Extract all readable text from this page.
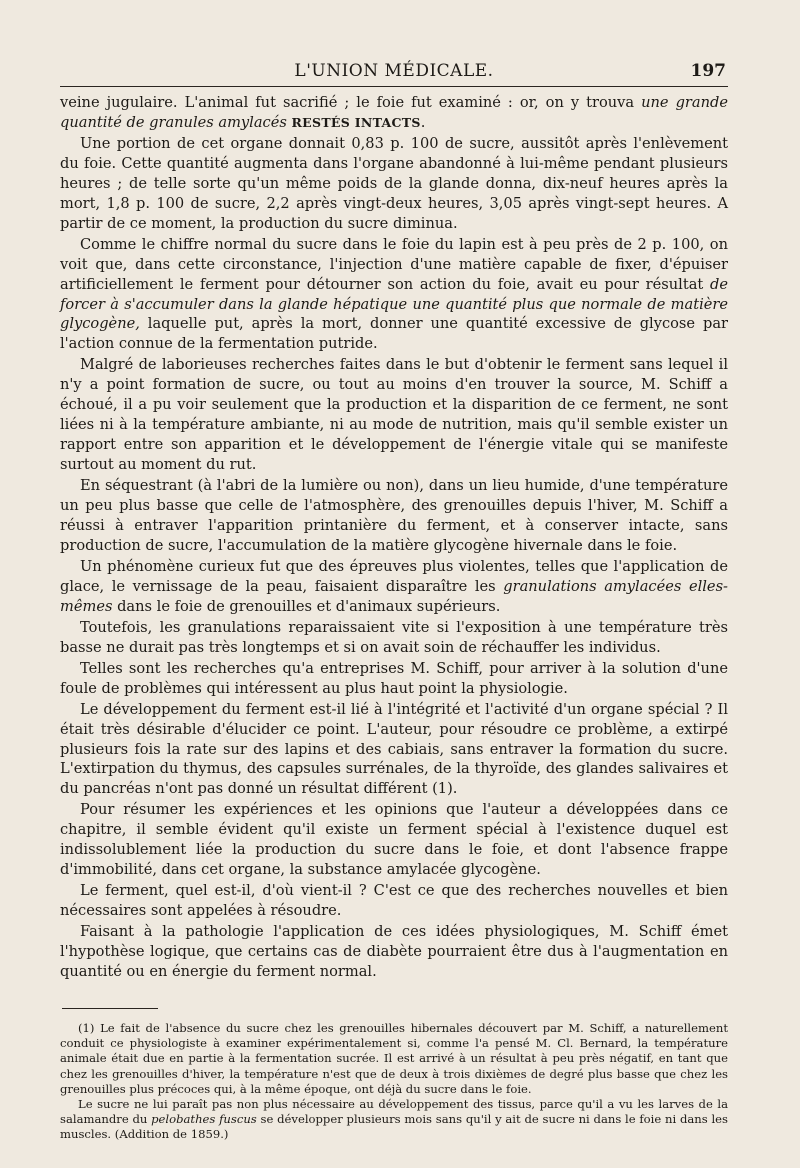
L'UNION MÉDICALE.	197

veine jugulaire. L'animal fut sacrifié ; le foie fut examiné : or, on y trouva une grande quantité de granules amylacés RESTÉS INTACTS.

Une portion de cet organe donnait 0,83 p. 100 de sucre, aussitôt après l'enlèvement du foie. Cette quantité augmenta dans l'organe abandonné à lui-même pendant plusieurs heures ; de telle sorte qu'un même poids de la glande donna, dix-neuf heures après la mort, 1,8 p. 100 de sucre, 2,2 après vingt-deux heures, 3,05 après vingt-sept heures. A partir de ce moment, la production du sucre diminua.

Comme le chiffre normal du sucre dans le foie du lapin est à peu près de 2 p. 100, on voit que, dans cette circonstance, l'injection d'une matière capable de fixer, d'épuiser artificiellement le ferment pour détourner son action du foie, avait eu pour résultat de forcer à s'accumuler dans la glande hépatique une quantité plus que normale de matière glycogène, laquelle put, après la mort, donner une quantité excessive de glycose par l'action connue de la fermentation putride.

Malgré de laborieuses recherches faites dans le but d'obtenir le ferment sans lequel il n'y a point formation de sucre, ou tout au moins d'en trouver la source, M. Schiff a échoué, il a pu voir seulement que la production et la disparition de ce ferment, ne sont liées ni à la température ambiante, ni au mode de nutrition, mais qu'il semble exister un rapport entre son apparition et le développement de l'énergie vitale qui se manifeste surtout au moment du rut.

En séquestrant (à l'abri de la lumière ou non), dans un lieu humide, d'une température un peu plus basse que celle de l'atmosphère, des grenouilles depuis l'hiver, M. Schiff a réussi à entraver l'apparition printanière du ferment, et à conserver intacte, sans production de sucre, l'accumulation de la matière glycogène hivernale dans le foie.

Un phénomène curieux fut que des épreuves plus violentes, telles que l'application de glace, le vernissage de la peau, faisaient disparaître les granulations amylacées elles-mêmes dans le foie de grenouilles et d'animaux supérieurs.

Toutefois, les granulations reparaissaient vite si l'exposition à une température très basse ne durait pas très longtemps et si on avait soin de réchauffer les individus.

Telles sont les recherches qu'a entreprises M. Schiff, pour arriver à la solution d'une foule de problèmes qui intéressent au plus haut point la physiologie.

Le développement du ferment est-il lié à l'intégrité et l'activité d'un organe spécial ? Il était très désirable d'élucider ce point. L'auteur, pour résoudre ce problème, a extirpé plusieurs fois la rate sur des lapins et des cabiais, sans entraver la formation du sucre. L'extirpation du thymus, des capsules surrénales, de la thyroïde, des glandes salivaires et du pancréas n'ont pas donné un résultat différent (1).

Pour résumer les expériences et les opinions que l'auteur a développées dans ce chapitre, il semble évident qu'il existe un ferment spécial à l'existence duquel est indissolublement liée la production du sucre dans le foie, et dont l'absence frappe d'immobilité, dans cet organe, la substance amylacée glycogène.

Le ferment, quel est-il, d'où vient-il ? C'est ce que des recherches nouvelles et bien nécessaires sont appelées à résoudre.

Faisant à la pathologie l'application de ces idées physiologiques, M. Schiff émet l'hypothèse logique, que certains cas de diabète pourraient être dus à l'augmentation en quantité ou en énergie du ferment normal.

(1) Le fait de l'absence du sucre chez les grenouilles hibernales découvert par M. Schiff, a naturellement conduit ce physiologiste à examiner expérimentalement si, comme l'a pensé M. Cl. Bernard, la température animale était due en partie à la fermentation sucrée. Il est arrivé à un résultat à peu près négatif, en tant que chez les grenouilles d'hiver, la température n'est que de deux à trois dixièmes de degré plus basse que chez les grenouilles plus précoces qui, à la même époque, ont déjà du sucre dans le foie.

Le sucre ne lui paraît pas non plus nécessaire au développement des tissus, parce qu'il a vu les larves de la salamandre du pelobathes fuscus se développer plusieurs mois sans qu'il y ait de sucre ni dans le foie ni dans les muscles. (Addition de 1859.)
